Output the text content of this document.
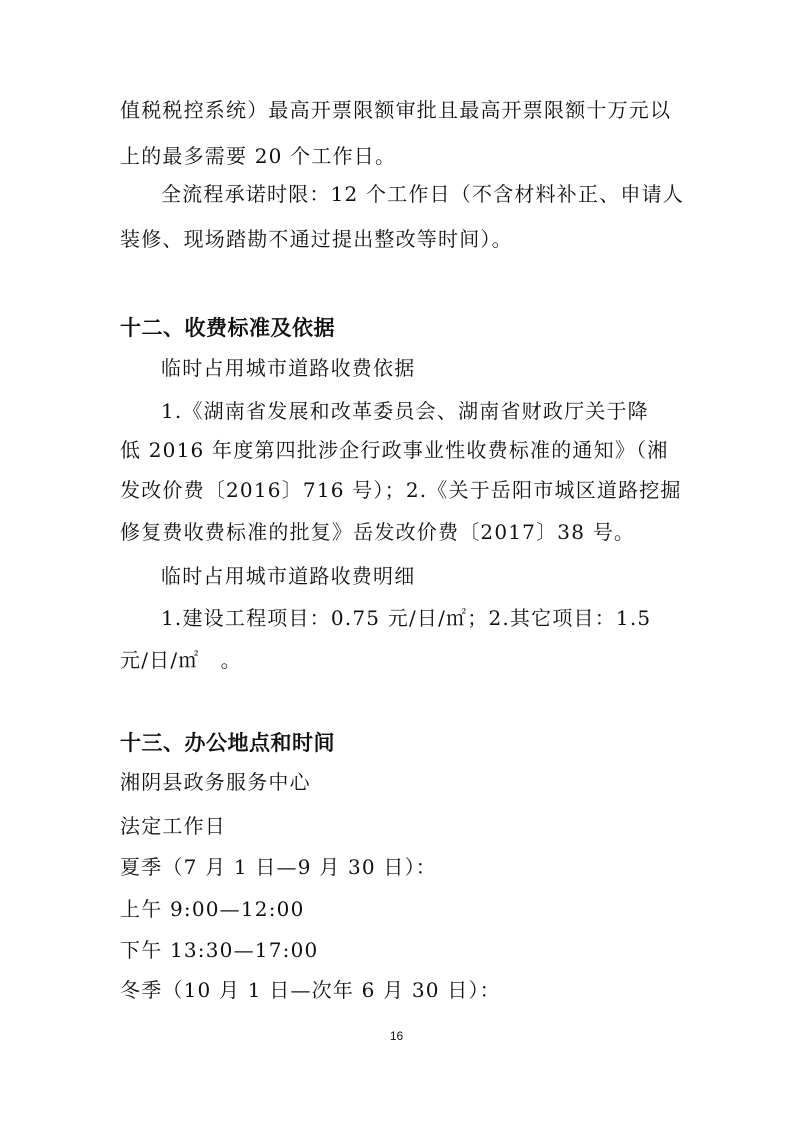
值税税控系统）最高开票限额审批且最高开票限额十万元以
上的最多需要 20 个工作日。
全流程承诺时限：12 个工作日（不含材料补正、申请人
装修、现场踏勘不通过提出整改等时间）。
十二、收费标准及依据
临时占用城市道路收费依据
1.《湖南省发展和改革委员会、湖南省财政厅关于降
低 2016 年度第四批涉企行政事业性收费标准的通知》（湘
发改价费〔2016〕716 号）；2.《关于岳阳市城区道路挖掘
修复费收费标准的批复》岳发改价费〔2017〕38 号。
临时占用城市道路收费明细
1.建设工程项目：0.75 元/日/㎡；2.其它项目：1.5
元/日/㎡　。
十三、办公地点和时间
湘阴县政务服务中心
法定工作日
夏季（7 月 1 日—9 月 30 日）：
上午 9:00—12:00
下午 13:30—17:00
冬季（10 月 1 日—次年 6 月 30 日）：
16
